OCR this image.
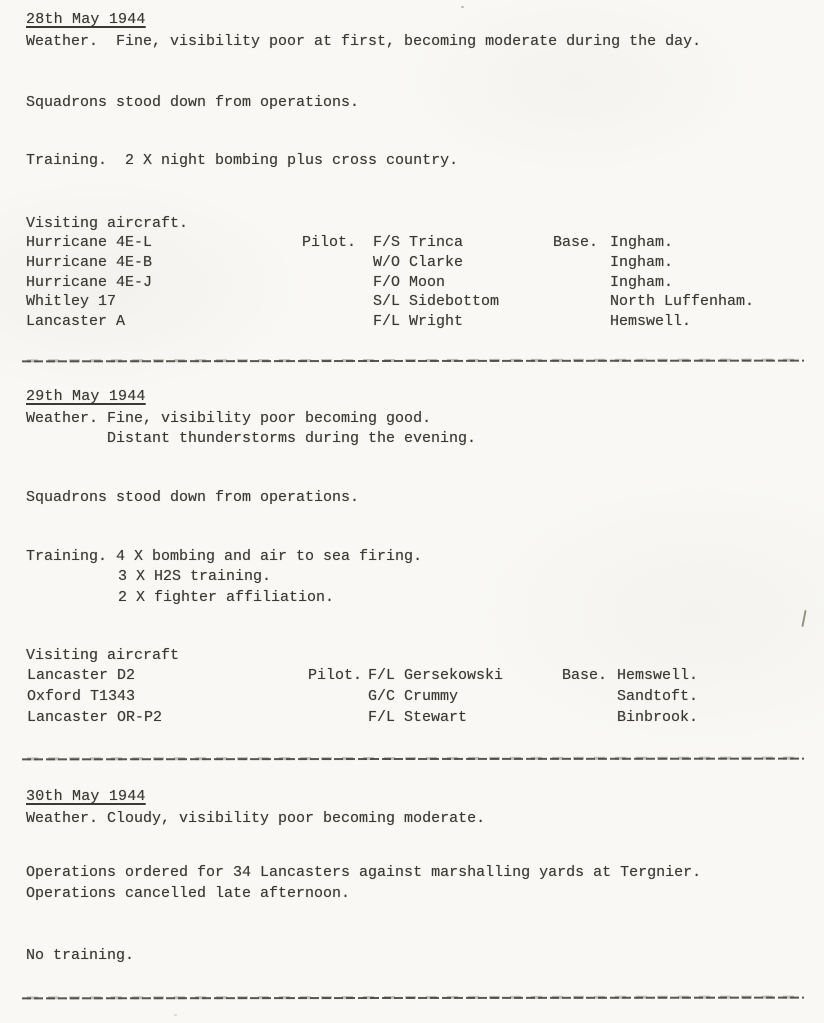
28th May 1944
Weather.  Fine, visibility poor at first, becoming moderate during the day.
Squadrons stood down from operations.
Training.  2 X night bombing plus cross country.
Visiting aircraft.
Hurricane 4E-L	Pilot. F/S Trinca	Base. Ingham.
Hurricane 4E-B	W/O Clarke	Ingham.
Hurricane 4E-J	F/O Moon	Ingham.
Whitley 17	S/L Sidebottom	North Luffenham.
Lancaster A	F/L Wright	Hemswell.
29th May 1944
Weather. Fine, visibility poor becoming good.
Distant thunderstorms during the evening.
Squadrons stood down from operations.
Training. 4 X bombing and air to sea firing.
3 X H2S training.
2 X fighter affiliation.
Visiting aircraft
Lancaster D2	Pilot. F/L Gersekowski	Base. Hemswell.
Oxford T1343	G/C Crummy	Sandtoft.
Lancaster OR-P2	F/L Stewart	Binbrook.
30th May 1944
Weather. Cloudy, visibility poor becoming moderate.
Operations ordered for 34 Lancasters against marshalling yards at Tergnier.
Operations cancelled late afternoon.
No training.
